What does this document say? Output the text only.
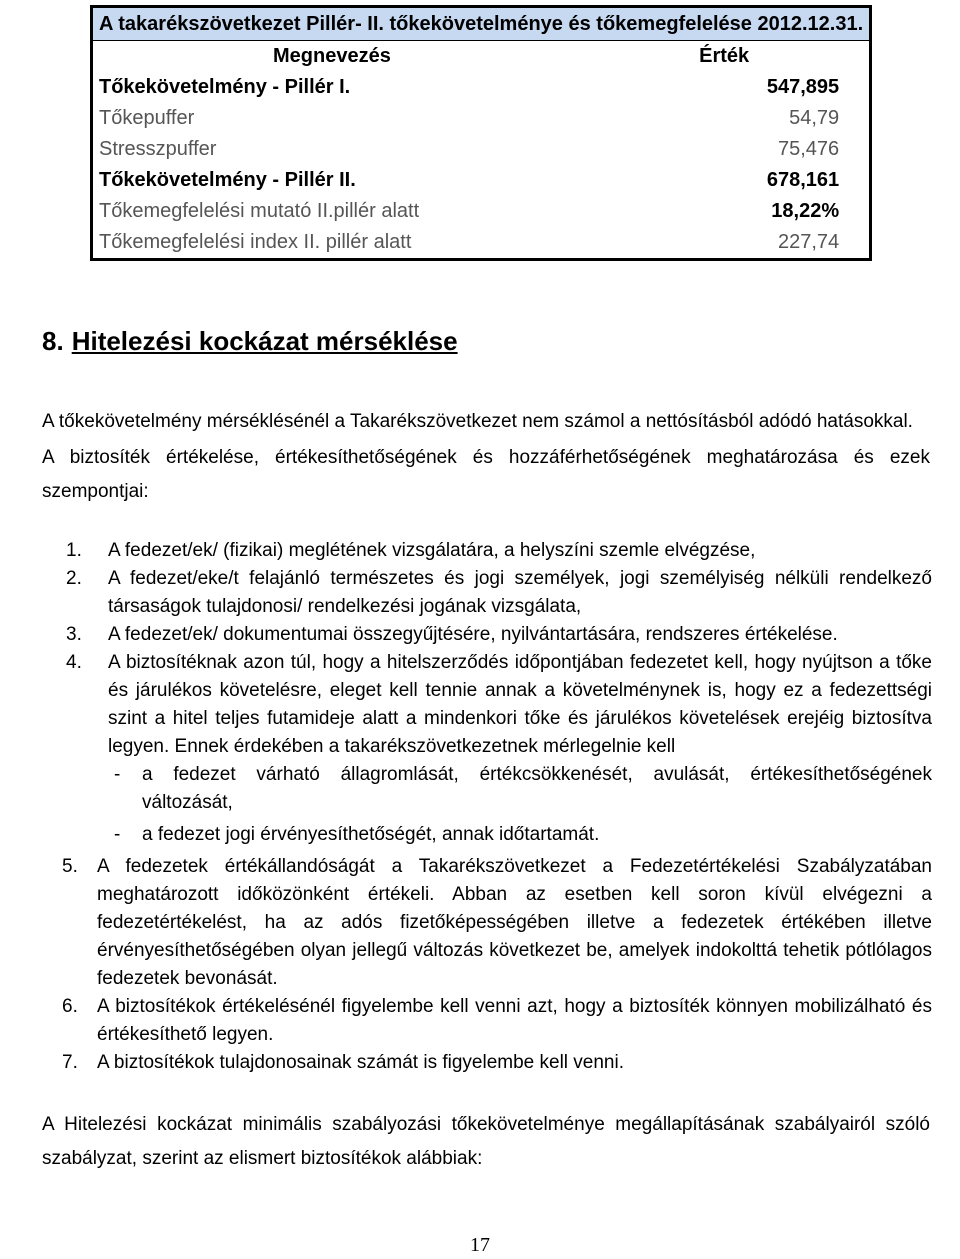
A takarékszövetkezet Pillér- II. tőkekövetelménye és tőkemegfelelése 2012.12.31.	
Megnevezés	Érték
Tőkekövetelmény - Pillér I.	547,895
Tőkepuffer	54,79
Stresszpuffer	75,476
Tőkekövetelmény - Pillér II.	678,161
Tőkemegfelelési mutató II.pillér alatt	18,22%
Tőkemegfelelési index II. pillér alatt	227,74
8. Hitelezési kockázat mérséklése
A tőkekövetelmény mérséklésénél a Takarékszövetkezet nem számol a nettósításból adódó hatásokkal.
A biztosíték értékelése, értékesíthetőségének és hozzáférhetőségének meghatározása és ezek szempontjai:
1. A fedezet/ek/ (fizikai) meglétének vizsgálatára, a helyszíni szemle elvégzése,
2. A fedezet/eke/t felajánló természetes és jogi személyek, jogi személyiség nélküli rendelkező társaságok tulajdonosi/ rendelkezési jogának vizsgálata,
3. A fedezet/ek/ dokumentumai összegyűjtésére, nyilvántartására, rendszeres értékelése.
4. A biztosítéknak azon túl, hogy a hitelszerződés időpontjában fedezetet kell, hogy nyújtson a tőke és járulékos követelésre, eleget kell tennie annak a követelménynek is, hogy ez a fedezettségi szint a hitel teljes futamideje alatt a mindenkori tőke és járulékos követelések erejéig biztosítva legyen. Ennek érdekében a takarékszövetkezetnek mérlegelnie kell
- a fedezet várható állagromlását, értékcsökkenését, avulását, értékesíthetőségének változását,
- a fedezet jogi érvényesíthetőségét, annak időtartamát.
5. A fedezetek értékállandóságát a Takarékszövetkezet a Fedezetértékelési Szabályzatában meghatározott időközönként értékeli. Abban az esetben kell soron kívül elvégezni a fedezetértékelést, ha az adós fizetőképességében illetve a fedezetek értékében illetve érvényesíthetőségében olyan jellegű változás következet be, amelyek indokolttá tehetik pótlólagos fedezetek bevonását.
6. A biztosítékok értékelésénél figyelembe kell venni azt, hogy a biztosíték könnyen mobilizálható és értékesíthető legyen.
7. A biztosítékok tulajdonosainak számát is figyelembe kell venni.
A Hitelezési kockázat minimális szabályozási tőkekövetelménye megállapításának szabályairól szóló szabályzat, szerint az elismert biztosítékok alábbiak:
17
